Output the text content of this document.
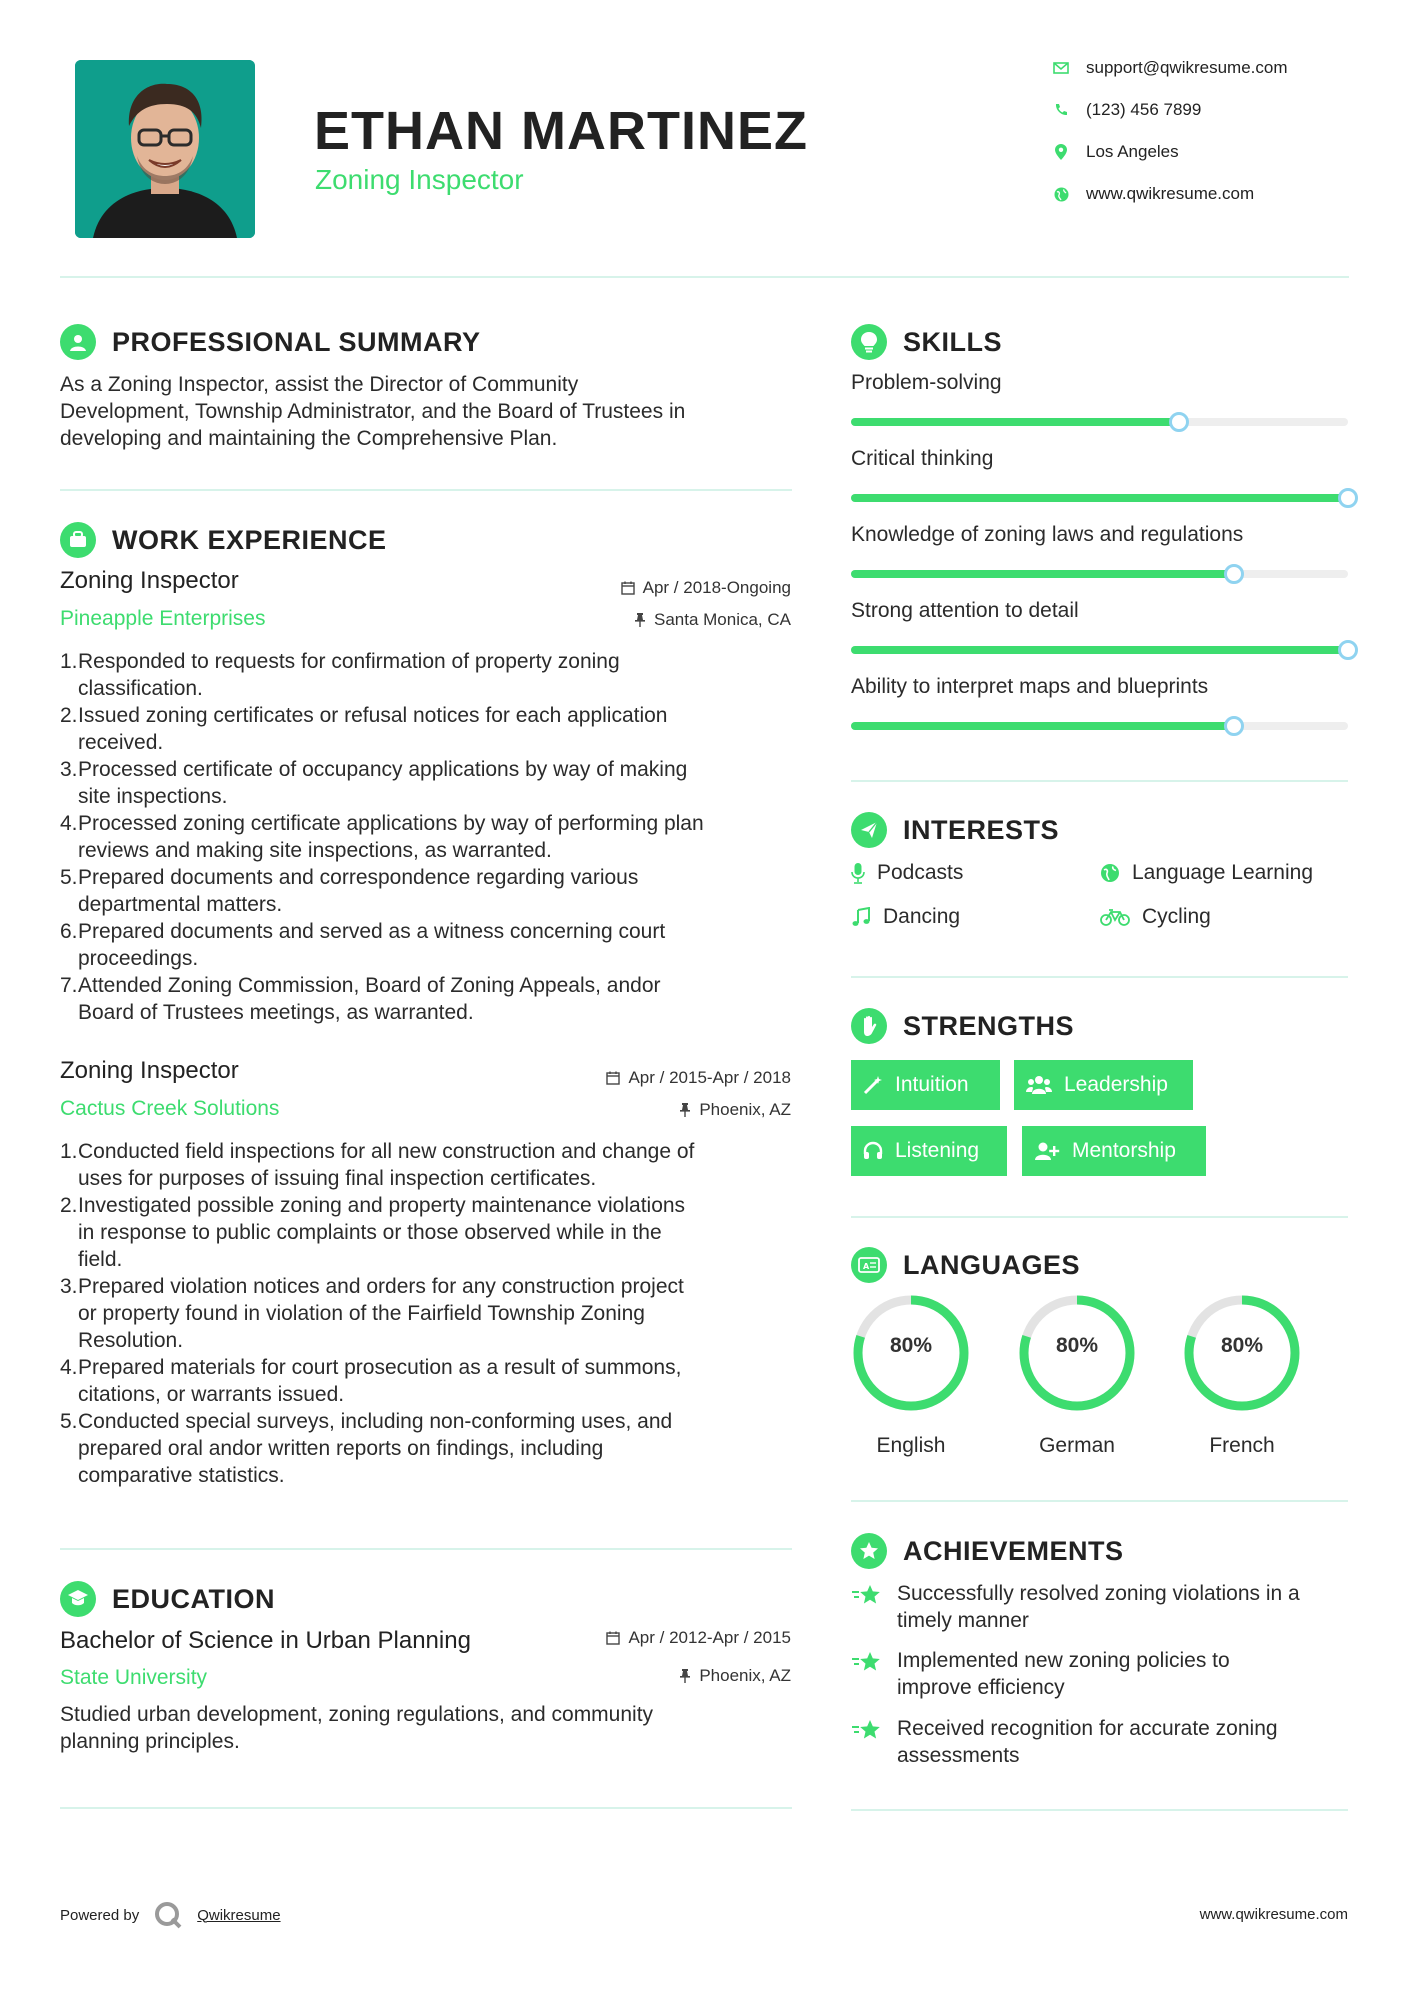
ETHAN MARTINEZ
Zoning Inspector
support@qwikresume.com
(123) 456 7899
Los Angeles
www.qwikresume.com
PROFESSIONAL SUMMARY
As a Zoning Inspector, assist the Director of Community
Development, Township Administrator, and the Board of Trustees in
developing and maintaining the Comprehensive Plan.
WORK EXPERIENCE
Zoning Inspector	Apr / 2018-Ongoing
Pineapple Enterprises	Santa Monica, CA
1. Responded to requests for confirmation of property zoning
classification.
2. Issued zoning certificates or refusal notices for each application
received.
3. Processed certificate of occupancy applications by way of making
site inspections.
4. Processed zoning certificate applications by way of performing plan
reviews and making site inspections, as warranted.
5. Prepared documents and correspondence regarding various
departmental matters.
6. Prepared documents and served as a witness concerning court
proceedings.
7. Attended Zoning Commission, Board of Zoning Appeals, andor
Board of Trustees meetings, as warranted.
Zoning Inspector	Apr / 2015-Apr / 2018
Cactus Creek Solutions	Phoenix, AZ
1. Conducted field inspections for all new construction and change of
uses for purposes of issuing final inspection certificates.
2. Investigated possible zoning and property maintenance violations
in response to public complaints or those observed while in the
field.
3. Prepared violation notices and orders for any construction project
or property found in violation of the Fairfield Township Zoning
Resolution.
4. Prepared materials for court prosecution as a result of summons,
citations, or warrants issued.
5. Conducted special surveys, including non-conforming uses, and
prepared oral andor written reports on findings, including
comparative statistics.
EDUCATION
Bachelor of Science in Urban Planning	Apr / 2012-Apr / 2015
State University	Phoenix, AZ
Studied urban development, zoning regulations, and community
planning principles.
SKILLS
Problem-solving
Critical thinking
Knowledge of zoning laws and regulations
Strong attention to detail
Ability to interpret maps and blueprints
INTERESTS
Podcasts	Language Learning
Dancing	Cycling
STRENGTHS
Intuition	Leadership
Listening	Mentorship
A LANGUAGES
80%
English
80%
German
80%
French
ACHIEVEMENTS
Successfully resolved zoning violations in a
timely manner
Implemented new zoning policies to
improve efficiency
Received recognition for accurate zoning
assessments
Powered by	Qwikresume	www.qwikresume.com
